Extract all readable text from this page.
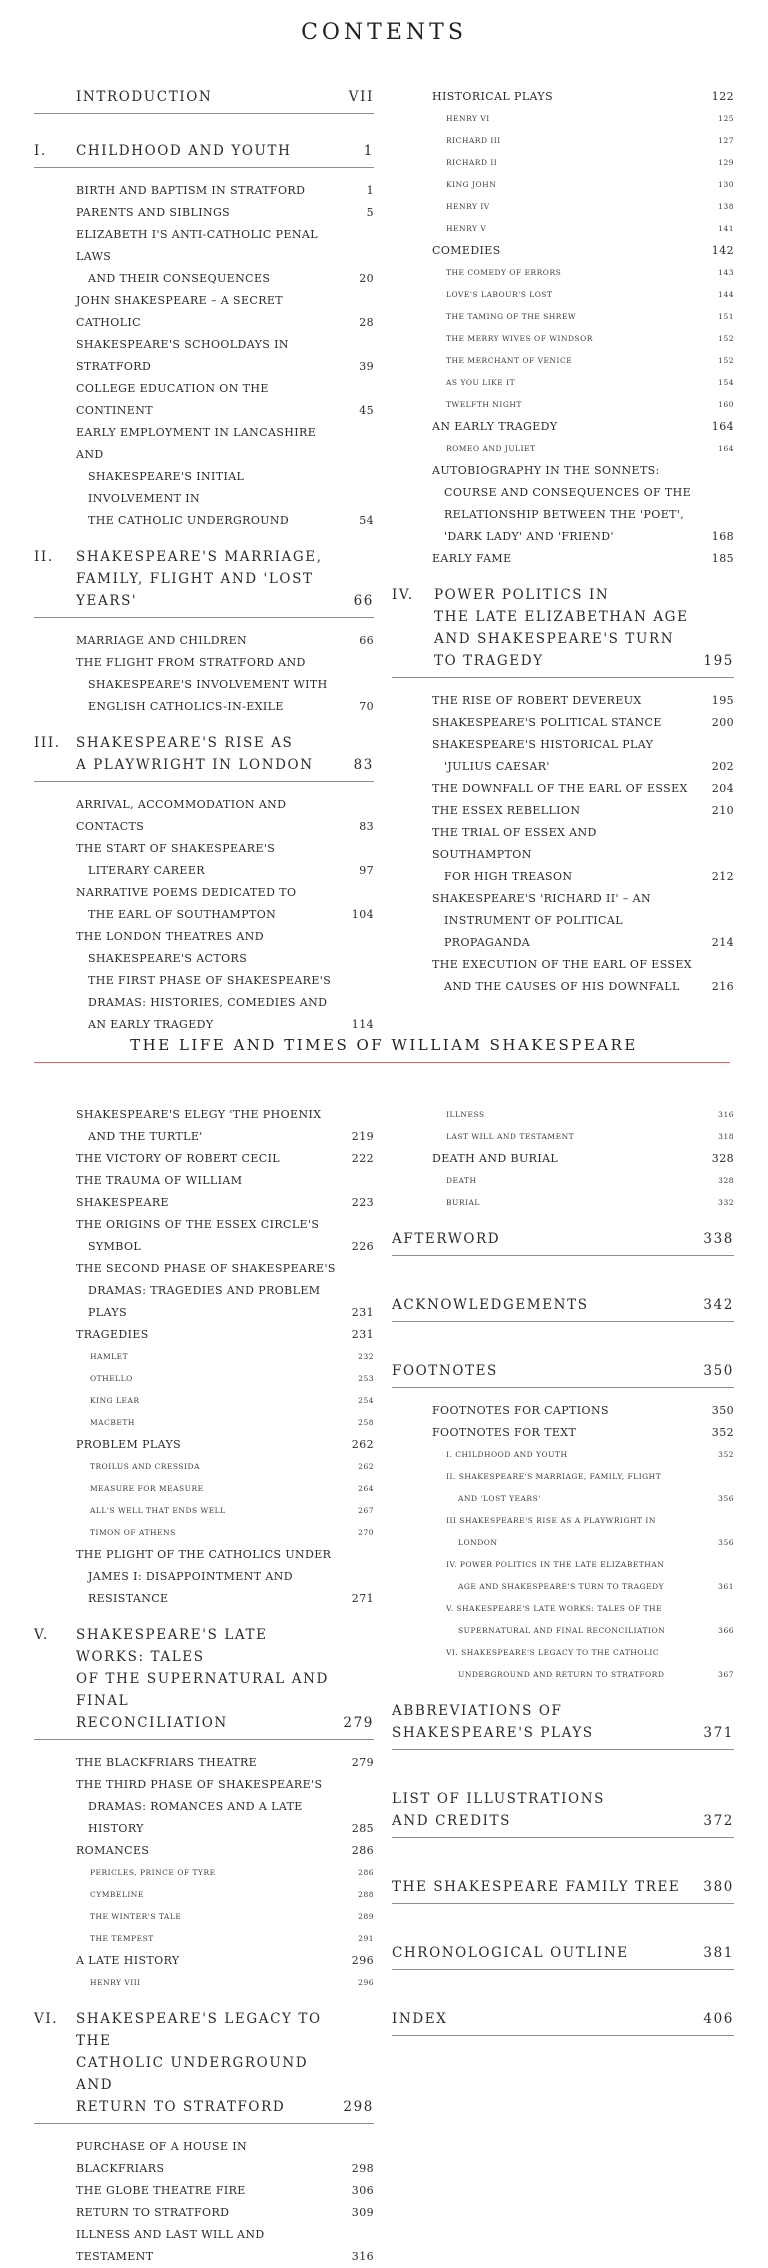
CONTENTS
INTRODUCTION	VII
I.	CHILDHOOD AND YOUTH	1
BIRTH AND BAPTISM IN STRATFORD	1
PARENTS AND SIBLINGS	5
ELIZABETH I'S ANTI-CATHOLIC PENAL LAWS
AND THEIR CONSEQUENCES	20
JOHN SHAKESPEARE – A SECRET CATHOLIC	28
SHAKESPEARE'S SCHOOLDAYS IN STRATFORD	39
COLLEGE EDUCATION ON THE CONTINENT	45
EARLY EMPLOYMENT IN LANCASHIRE AND
SHAKESPEARE'S INITIAL INVOLVEMENT IN
THE CATHOLIC UNDERGROUND	54
II.	SHAKESPEARE'S MARRIAGE,
FAMILY, FLIGHT AND 'LOST YEARS'	66
MARRIAGE AND CHILDREN	66
THE FLIGHT FROM STRATFORD AND
SHAKESPEARE'S INVOLVEMENT WITH
ENGLISH CATHOLICS-IN-EXILE	70
III.	SHAKESPEARE'S RISE AS
A PLAYWRIGHT IN LONDON	83
ARRIVAL, ACCOMMODATION AND CONTACTS	83
THE START OF SHAKESPEARE'S
LITERARY CAREER	97
NARRATIVE POEMS DEDICATED TO
THE EARL OF SOUTHAMPTON	104
THE LONDON THEATRES AND
SHAKESPEARE'S ACTORS
THE FIRST PHASE OF SHAKESPEARE'S
DRAMAS: HISTORIES, COMEDIES AND
AN EARLY TRAGEDY	114
HISTORICAL PLAYS	122
HENRY VI	125
RICHARD III	127
RICHARD II	129
KING JOHN	130
HENRY IV	138
HENRY V	141
COMEDIES	142
THE COMEDY OF ERRORS	143
LOVE'S LABOUR'S LOST	144
THE TAMING OF THE SHREW	151
THE MERRY WIVES OF WINDSOR	152
THE MERCHANT OF VENICE	152
AS YOU LIKE IT	154
TWELFTH NIGHT	160
AN EARLY TRAGEDY	164
ROMEO AND JULIET	164
AUTOBIOGRAPHY IN THE SONNETS:
COURSE AND CONSEQUENCES OF THE
RELATIONSHIP BETWEEN THE 'POET',
'DARK LADY' AND 'FRIEND'	168
EARLY FAME	185
IV.	POWER POLITICS IN
THE LATE ELIZABETHAN AGE
AND SHAKESPEARE'S TURN
TO TRAGEDY	195
THE RISE OF ROBERT DEVEREUX	195
SHAKESPEARE'S POLITICAL STANCE	200
SHAKESPEARE'S HISTORICAL PLAY
'JULIUS CAESAR'	202
THE DOWNFALL OF THE EARL OF ESSEX	204
THE ESSEX REBELLION	210
THE TRIAL OF ESSEX AND SOUTHAMPTON
FOR HIGH TREASON	212
SHAKESPEARE'S 'RICHARD II' – AN
INSTRUMENT OF POLITICAL PROPAGANDA	214
THE EXECUTION OF THE EARL OF ESSEX
AND THE CAUSES OF HIS DOWNFALL	216
THE LIFE AND TIMES OF WILLIAM SHAKESPEARE
SHAKESPEARE'S ELEGY 'THE PHOENIX
AND THE TURTLE'	219
THE VICTORY OF ROBERT CECIL	222
THE TRAUMA OF WILLIAM SHAKESPEARE	223
THE ORIGINS OF THE ESSEX CIRCLE'S
SYMBOL	226
THE SECOND PHASE OF SHAKESPEARE'S
DRAMAS: TRAGEDIES AND PROBLEM PLAYS	231
TRAGEDIES	231
HAMLET	232
OTHELLO	253
KING LEAR	254
MACBETH	258
PROBLEM PLAYS	262
TROILUS AND CRESSIDA	262
MEASURE FOR MEASURE	264
ALL'S WELL THAT ENDS WELL	267
TIMON OF ATHENS	270
THE PLIGHT OF THE CATHOLICS UNDER
JAMES I: DISAPPOINTMENT AND RESISTANCE	271
V.	SHAKESPEARE'S LATE WORKS: TALES
OF THE SUPERNATURAL AND FINAL
RECONCILIATION	279
THE BLACKFRIARS THEATRE	279
THE THIRD PHASE OF SHAKESPEARE'S
DRAMAS: ROMANCES AND A LATE HISTORY	285
ROMANCES	286
PERICLES, PRINCE OF TYRE	286
CYMBELINE	288
THE WINTER'S TALE	289
THE TEMPEST	291
A LATE HISTORY	296
HENRY VIII	296
VI.	SHAKESPEARE'S LEGACY TO THE
CATHOLIC UNDERGROUND AND
RETURN TO STRATFORD	298
PURCHASE OF A HOUSE IN BLACKFRIARS	298
THE GLOBE THEATRE FIRE	306
RETURN TO STRATFORD	309
ILLNESS AND LAST WILL AND TESTAMENT	316
ILLNESS	316
LAST WILL AND TESTAMENT	318
DEATH AND BURIAL	328
DEATH	328
BURIAL	332
AFTERWORD	338
ACKNOWLEDGEMENTS	342
FOOTNOTES	350
FOOTNOTES FOR CAPTIONS	350
FOOTNOTES FOR TEXT	352
I. CHILDHOOD AND YOUTH	352
II. SHAKESPEARE'S MARRIAGE, FAMILY, FLIGHT
AND 'LOST YEARS'	356
III SHAKESPEARE'S RISE AS A PLAYWRIGHT IN
LONDON	356
IV. POWER POLITICS IN THE LATE ELIZABETHAN
AGE AND SHAKESPEARE'S TURN TO TRAGEDY	361
V. SHAKESPEARE'S LATE WORKS: TALES OF THE
SUPERNATURAL AND FINAL RECONCILIATION	366
VI. SHAKESPEARE'S LEGACY TO THE CATHOLIC
UNDERGROUND AND RETURN TO STRATFORD	367
ABBREVIATIONS OF
SHAKESPEARE'S PLAYS	371
LIST OF ILLUSTRATIONS
AND CREDITS	372
THE SHAKESPEARE FAMILY TREE	380
CHRONOLOGICAL OUTLINE	381
INDEX	406
